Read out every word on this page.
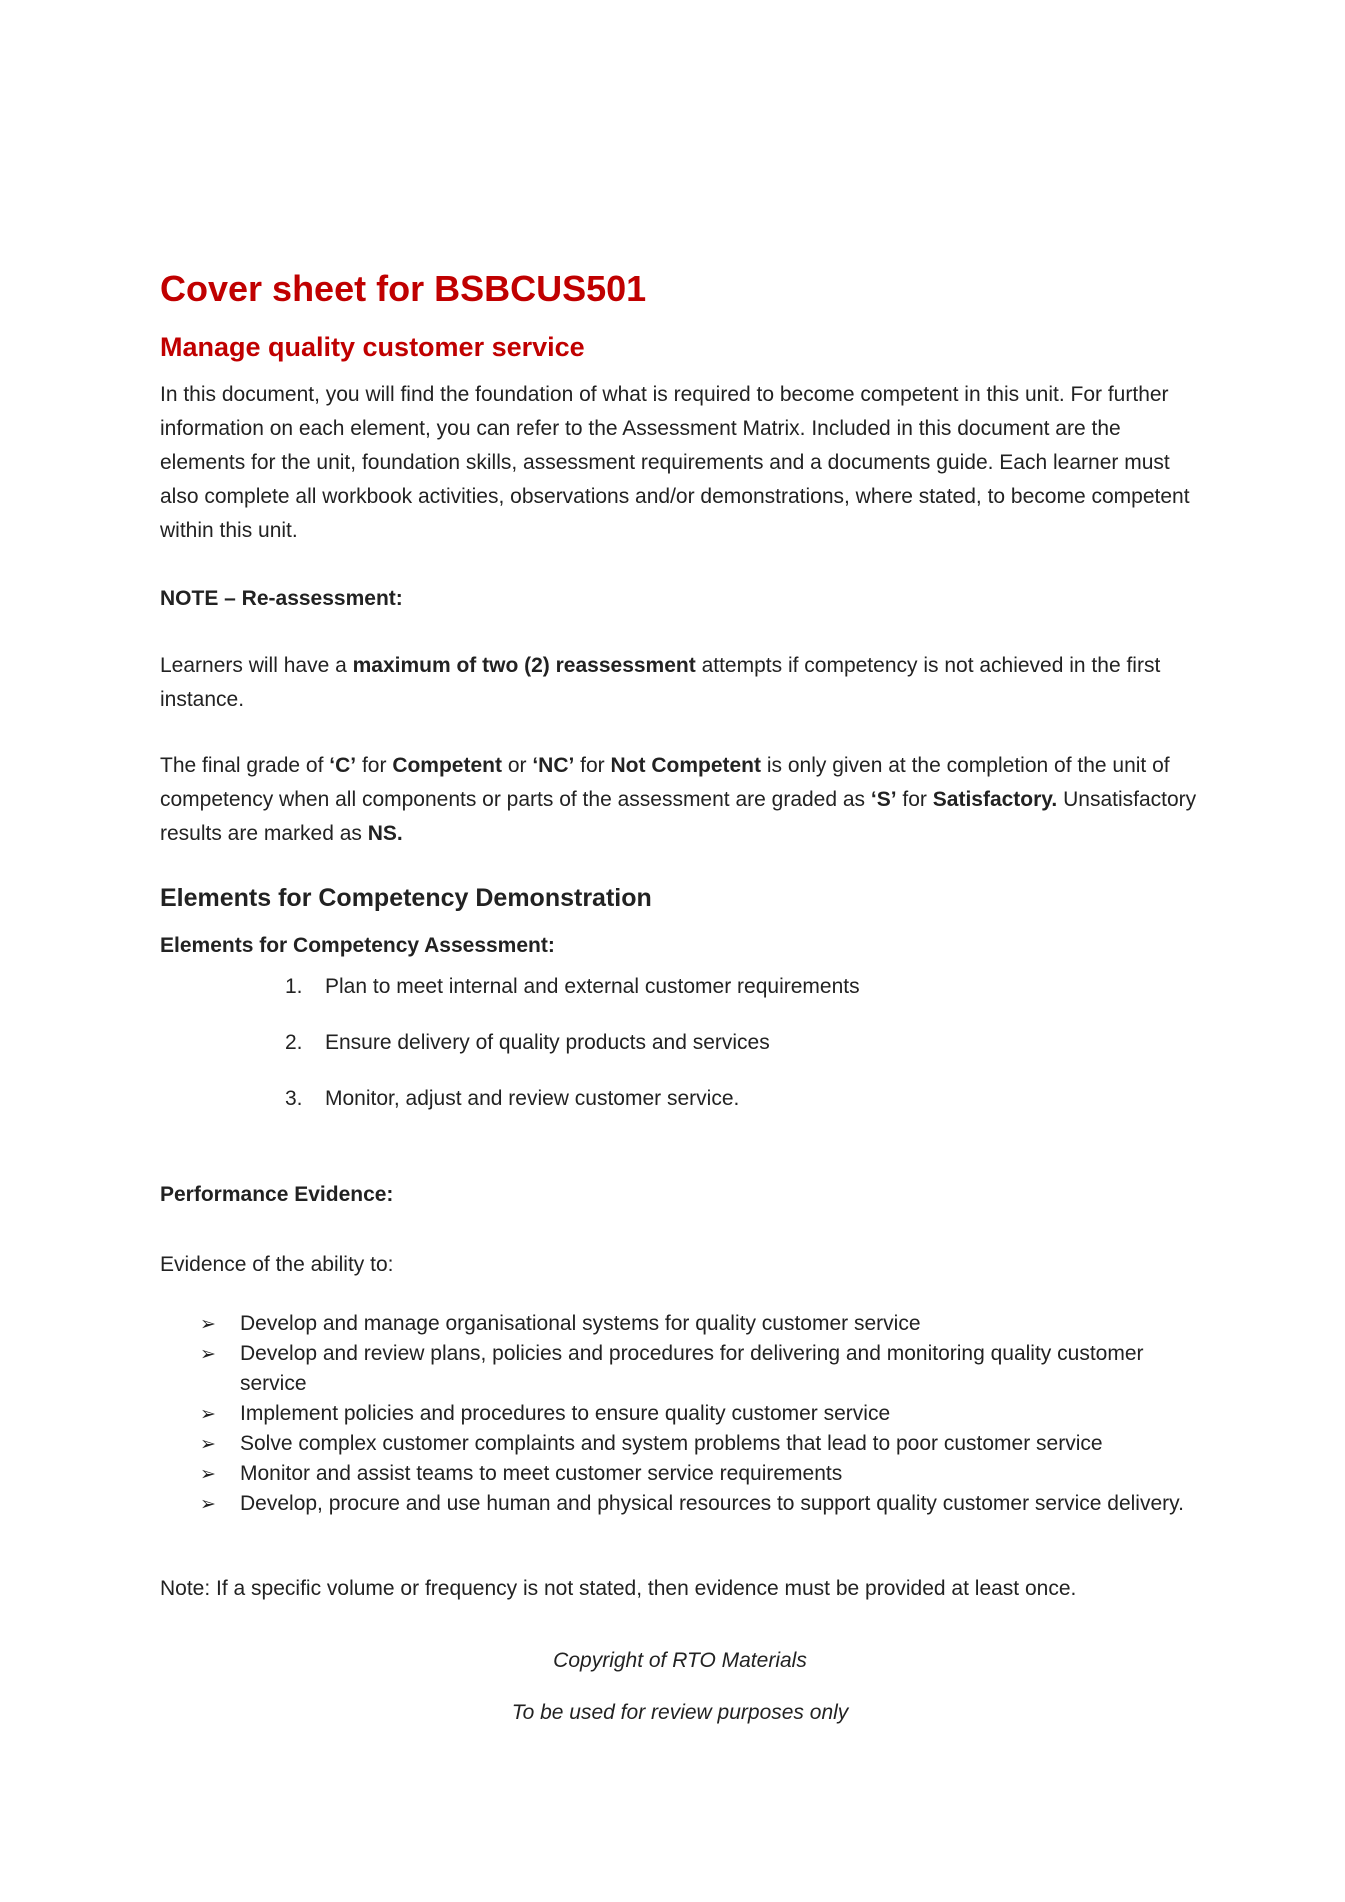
Cover sheet for BSBCUS501
Manage quality customer service

In this document, you will find the foundation of what is required to become competent in this unit. For further information on each element, you can refer to the Assessment Matrix. Included in this document are the elements for the unit, foundation skills, assessment requirements and a documents guide. Each learner must also complete all workbook activities, observations and/or demonstrations, where stated, to become competent within this unit.

NOTE – Re-assessment:

Learners will have a maximum of two (2) reassessment attempts if competency is not achieved in the first instance.

The final grade of ‘C’ for Competent or ‘NC’ for Not Competent is only given at the completion of the unit of competency when all components or parts of the assessment are graded as ‘S’ for Satisfactory. Unsatisfactory results are marked as NS.

Elements for Competency Demonstration

Elements for Competency Assessment:

1. Plan to meet internal and external customer requirements
2. Ensure delivery of quality products and services
3. Monitor, adjust and review customer service.

Performance Evidence:

Evidence of the ability to:

➢	Develop and manage organisational systems for quality customer service
➢	Develop and review plans, policies and procedures for delivering and monitoring quality customer service
➢	Implement policies and procedures to ensure quality customer service
➢	Solve complex customer complaints and system problems that lead to poor customer service
➢	Monitor and assist teams to meet customer service requirements
➢	Develop, procure and use human and physical resources to support quality customer service delivery.

Note: If a specific volume or frequency is not stated, then evidence must be provided at least once.

Copyright of RTO Materials

To be used for review purposes only
